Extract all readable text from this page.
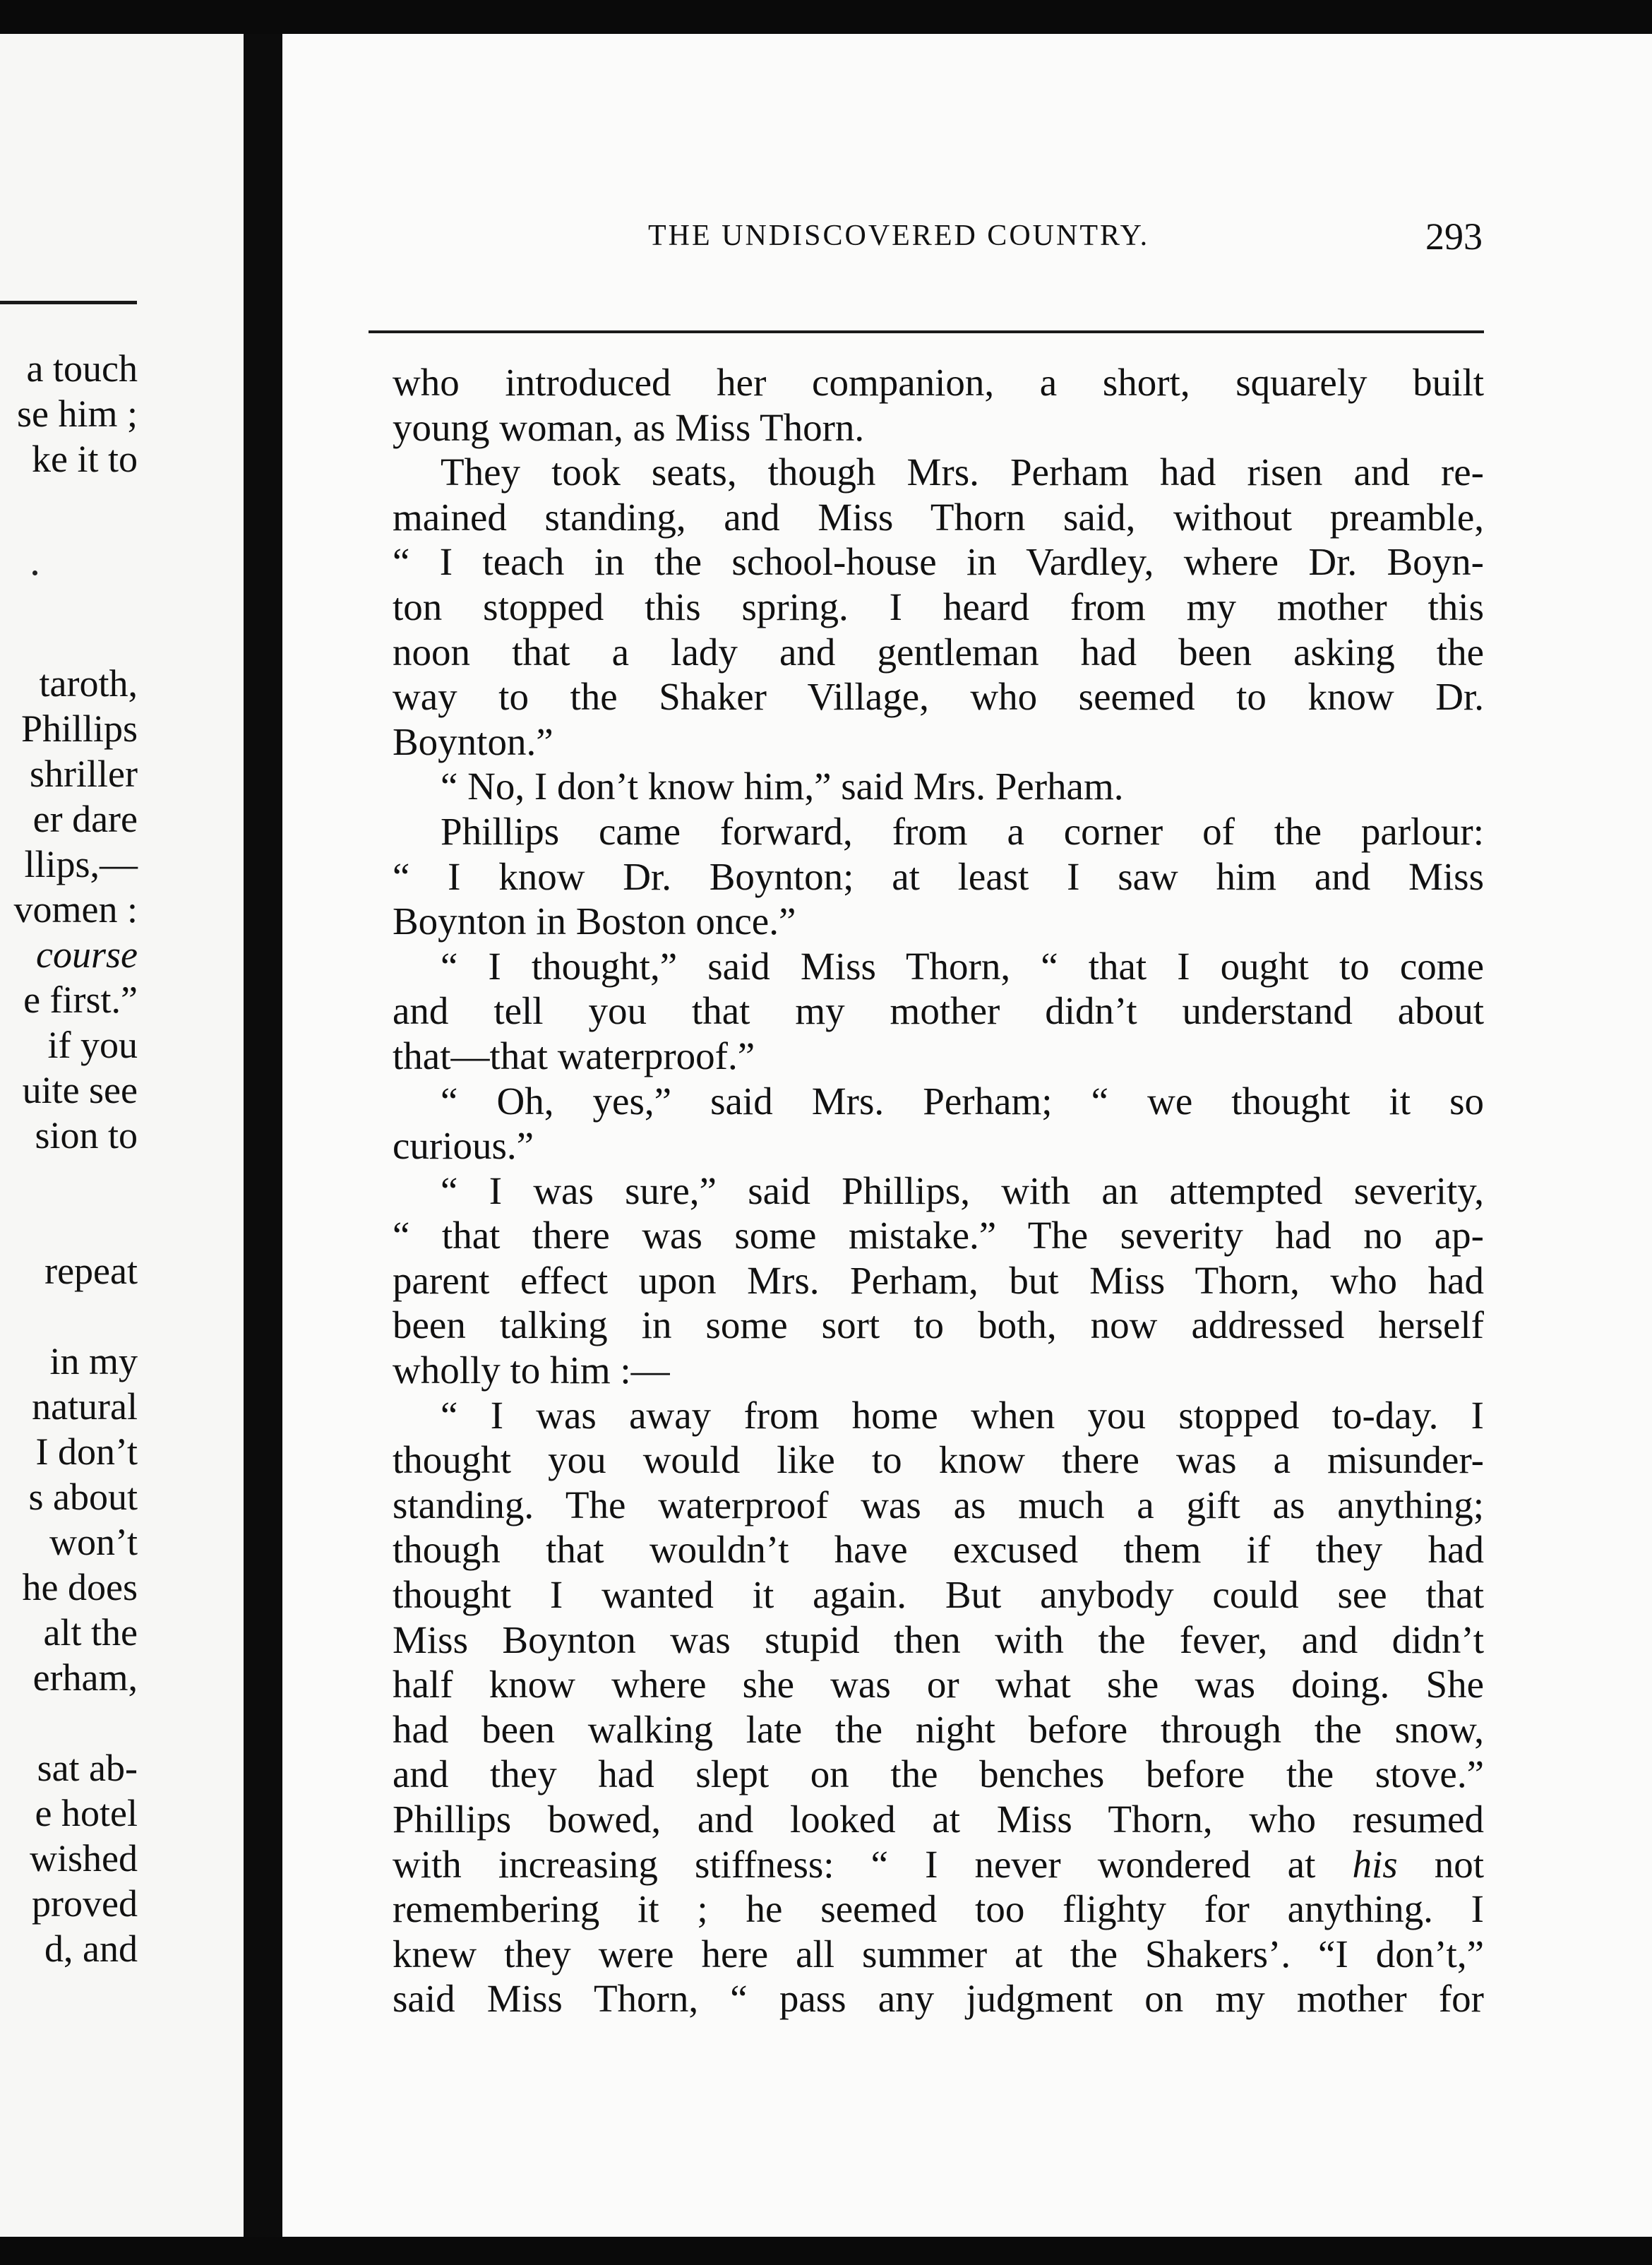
a touch
se him ;
ke it to
taroth,
Phillips
shriller
er dare
llips,—
vomen :
course
e first.”
if you
uite see
sion to
repeat
in my
natural
I don’t
s about
won’t
he does
alt the
erham,
sat ab-
e hotel
wished
proved
d, and
THE UNDISCOVERED COUNTRY.	293
who introduced her companion, a short, squarely built
young woman, as Miss Thorn.
They took seats, though Mrs. Perham had risen and re-
mained standing, and Miss Thorn said, without preamble,
“ I teach in the school-house in Vardley, where Dr. Boyn-
ton stopped this spring. I heard from my mother this
noon that a lady and gentleman had been asking the
way to the Shaker Village, who seemed to know Dr.
Boynton.”
“ No, I don’t know him,” said Mrs. Perham.
Phillips came forward, from a corner of the parlour:
“ I know Dr. Boynton; at least I saw him and Miss
Boynton in Boston once.”
“ I thought,” said Miss Thorn, “ that I ought to come
and tell you that my mother didn’t understand about
that—that waterproof.”
“ Oh, yes,” said Mrs. Perham; “ we thought it so
curious.”
“ I was sure,” said Phillips, with an attempted severity,
“ that there was some mistake.” The severity had no ap-
parent effect upon Mrs. Perham, but Miss Thorn, who had
been talking in some sort to both, now addressed herself
wholly to him :—
“ I was away from home when you stopped to-day. I
thought you would like to know there was a misunder-
standing. The waterproof was as much a gift as anything;
though that wouldn’t have excused them if they had
thought I wanted it again. But anybody could see that
Miss Boynton was stupid then with the fever, and didn’t
half know where she was or what she was doing. She
had been walking late the night before through the snow,
and they had slept on the benches before the stove.”
Phillips bowed, and looked at Miss Thorn, who resumed
with increasing stiffness: “ I never wondered at his not
remembering it ; he seemed too flighty for anything. I
knew they were here all summer at the Shakers’. “I don’t,”
said Miss Thorn, “ pass any judgment on my mother for
